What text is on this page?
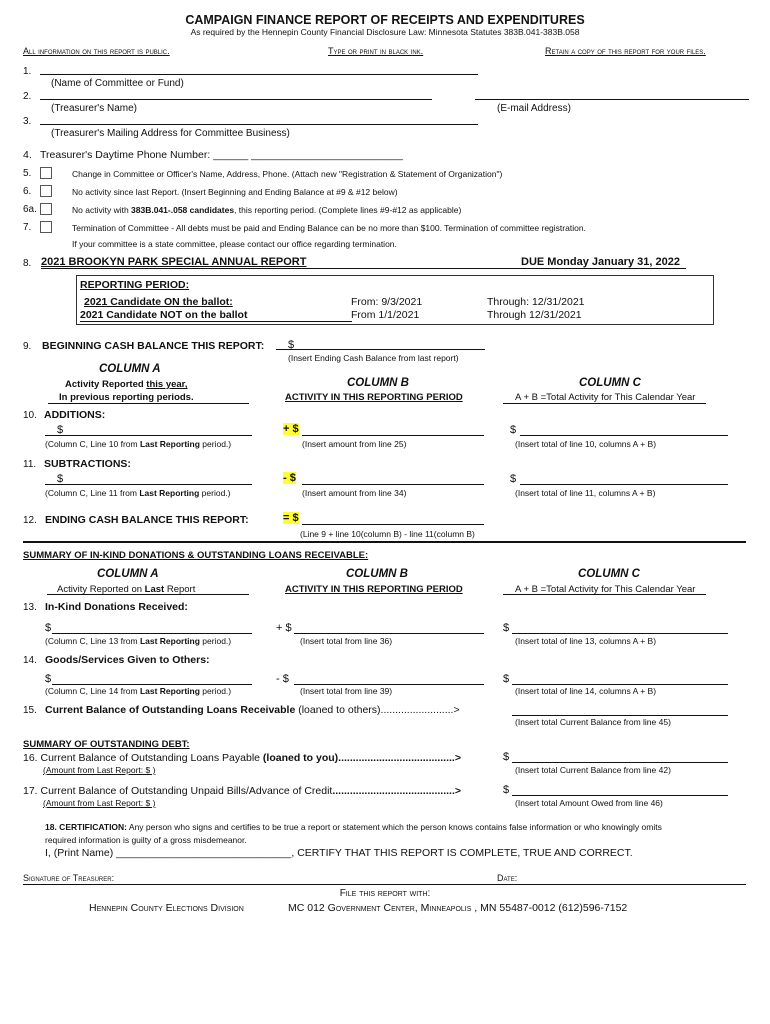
CAMPAIGN FINANCE REPORT OF RECEIPTS AND EXPENDITURES
As required by the Hennepin County Financial Disclosure Law: Minnesota Statutes 383B.041-383B.058
All information on this report is public.	Type or print in black ink.	Retain a copy of this report for your files.
1.
(Name of Committee or Fund)
2.
(Treasurer's Name)	(E-mail Address)
3.
(Treasurer's Mailing Address for Committee Business)
4. Treasurer's Daytime Phone Number: ______ __________________________
5.	Change in Committee or Officer's Name, Address, Phone. (Attach new "Registration & Statement of Organization")
6.	No activity since last Report. (Insert Beginning and Ending Balance at #9 & #12 below)
6a.	No activity with 383B.041-.058 candidates, this reporting period. (Complete lines #9-#12 as applicable)
7.	Termination of Committee - All debts must be paid and Ending Balance can be no more than $100. Termination of committee registration.
If your committee is a state committee, please contact our office regarding termination.
8. 2021 BROOKYN PARK SPECIAL ANNUAL REPORT	DUE Monday January 31, 2022
REPORTING PERIOD:
2021 Candidate ON the ballot:	From: 9/3/2021	Through: 12/31/2021
2021 Candidate NOT on the ballot	From 1/1/2021	Through 12/31/2021
9. BEGINNING CASH BALANCE THIS REPORT: $
(Insert Ending Cash Balance from last report)
COLUMN A
Activity Reported this year,
In previous reporting periods.
COLUMN B
ACTIVITY IN THIS REPORTING PERIOD
COLUMN C
A + B =Total Activity for This Calendar Year
10. ADDITIONS:
$	+ $	$
(Column C, Line 10 from Last Reporting period.)	(Insert amount from line 25)	(Insert total of line 10, columns A + B)
11. SUBTRACTIONS:
$	- $	$
(Column C, Line 11 from Last Reporting period.)	(Insert amount from line 34)	(Insert total of line 11, columns A + B)
12. ENDING CASH BALANCE THIS REPORT:	= $
(Line 9 + line 10(column B) - line 11(column B)
SUMMARY OF IN-KIND DONATIONS & OUTSTANDING LOANS RECEIVABLE:
COLUMN A
Activity Reported on Last Report
COLUMN B
ACTIVITY IN THIS REPORTING PERIOD
COLUMN C
A + B =Total Activity for This Calendar Year
13. In-Kind Donations Received:
$	+ $	$
(Column C, Line 13 from Last Reporting period.)	(Insert total from line 36)	(Insert total of line 13, columns A + B)
14. Goods/Services Given to Others:
$	- $	$
(Column C, Line 14 from Last Reporting period.)	(Insert total from line 39)	(Insert total of line 14, columns A + B)
15. Current Balance of Outstanding Loans Receivable (loaned to others).........................>
(Insert total Current Balance from line 45)
SUMMARY OF OUTSTANDING DEBT:
16. Current Balance of Outstanding Loans Payable (loaned to you)........................................>	$
(Amount from Last Report: $ )	(Insert total Current Balance from line 42)
17. Current Balance of Outstanding Unpaid Bills/Advance of Credit..........................................>	$
(Amount from Last Report: $ )	(Insert total Amount Owed from line 46)
18. CERTIFICATION: Any person who signs and certifies to be true a report or statement which the person knows contains false information or who knowingly omits
required information is guilty of a gross misdemeanor.
I, (Print Name) ______________________________, CERTIFY THAT THIS REPORT IS COMPLETE, TRUE AND CORRECT.
Signature of Treasurer:	Date:
File this report with:
Hennepin County Elections Division	MC 012 Government Center, Minneapolis , MN 55487-0012 (612)596-7152
